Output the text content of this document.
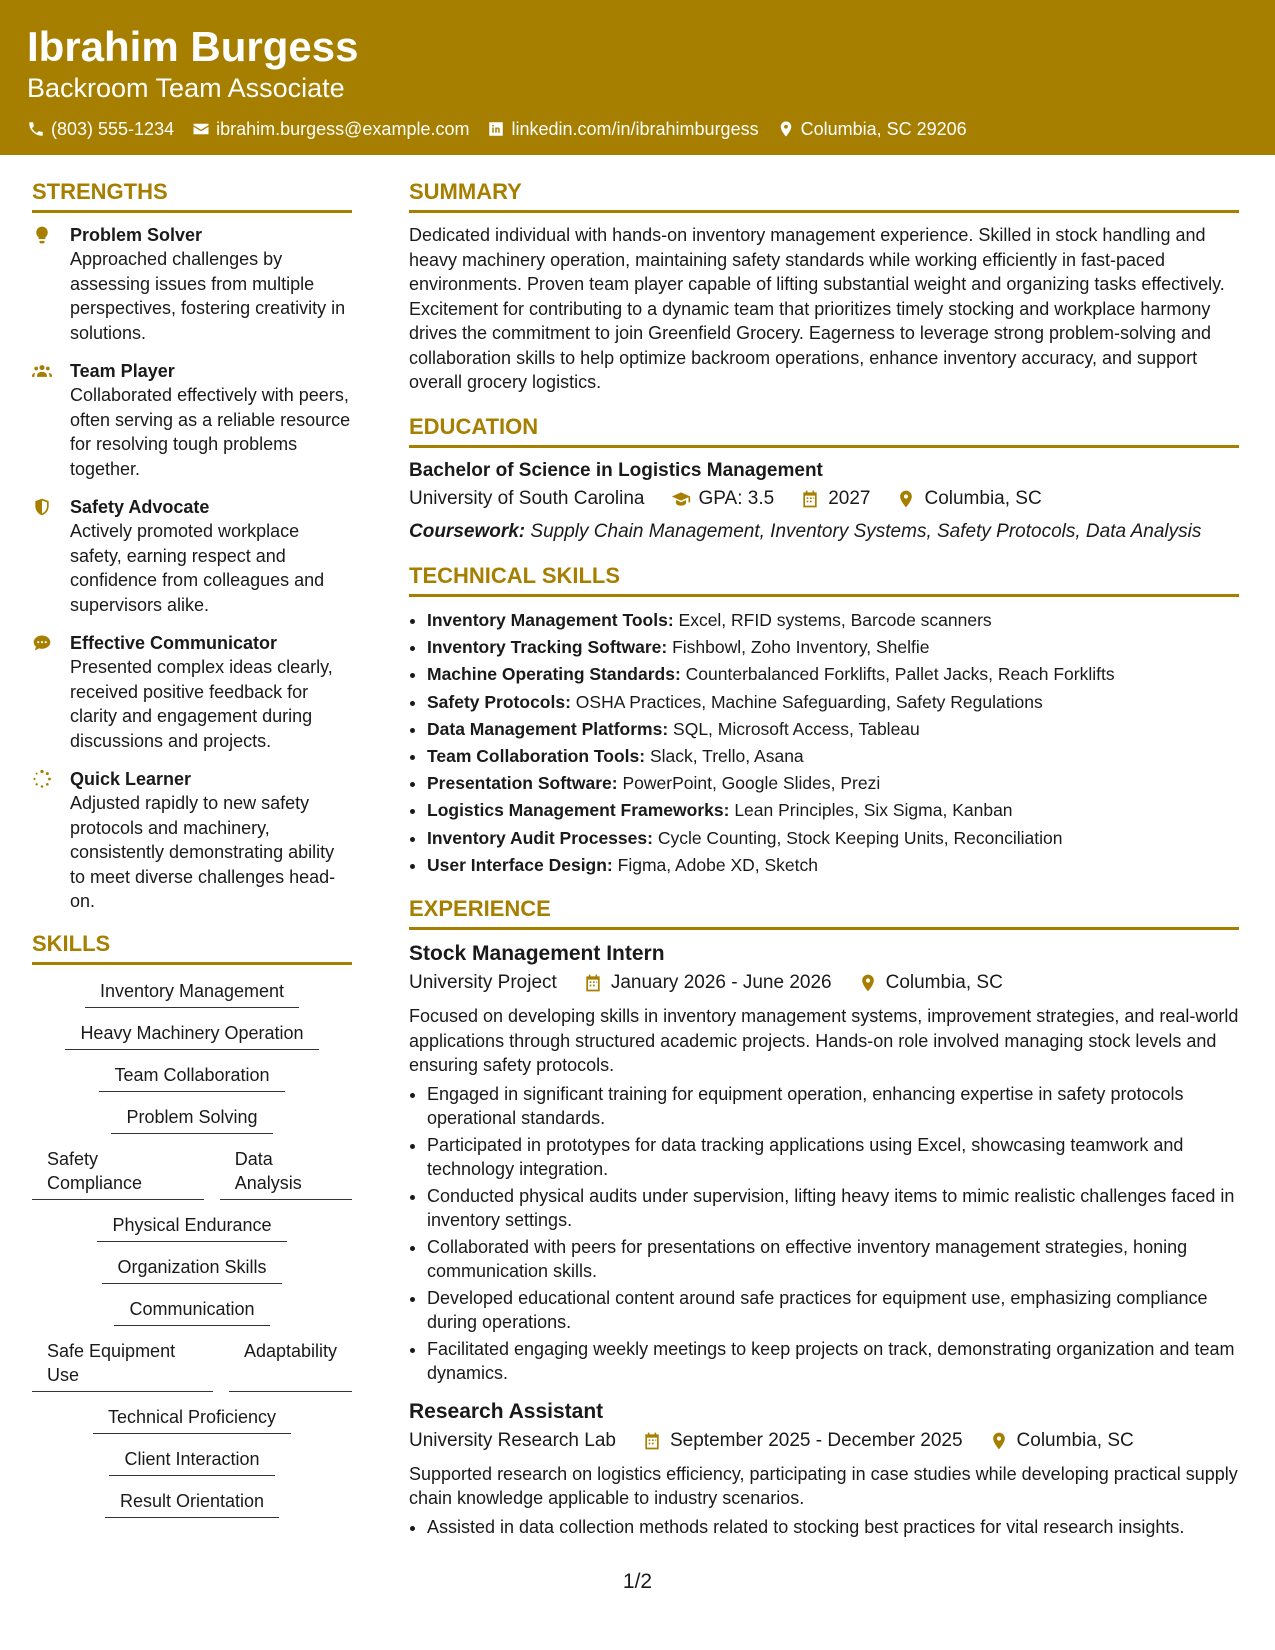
Ibrahim Burgess
Backroom Team Associate
(803) 555-1234 ibrahim.burgess@example.com linkedin.com/in/ibrahimburgess Columbia, SC 29206
STRENGTHS
Problem Solver
Approached challenges by assessing issues from multiple perspectives, fostering creativity in solutions.
Team Player
Collaborated effectively with peers, often serving as a reliable resource for resolving tough problems together.
Safety Advocate
Actively promoted workplace safety, earning respect and confidence from colleagues and supervisors alike.
Effective Communicator
Presented complex ideas clearly, received positive feedback for clarity and engagement during discussions and projects.
Quick Learner
Adjusted rapidly to new safety protocols and machinery, consistently demonstrating ability to meet diverse challenges head-on.
SKILLS
Inventory Management
Heavy Machinery Operation
Team Collaboration
Problem Solving
Safety Compliance
Data Analysis
Physical Endurance
Organization Skills
Communication
Safe Equipment Use
Adaptability
Technical Proficiency
Client Interaction
Result Orientation
SUMMARY

Dedicated individual with hands-on inventory management experience. Skilled in stock handling and heavy machinery operation, maintaining safety standards while working efficiently in fast-paced environments. Proven team player capable of lifting substantial weight and organizing tasks effectively. Excitement for contributing to a dynamic team that prioritizes timely stocking and workplace harmony drives the commitment to join Greenfield Grocery. Eagerness to leverage strong problem-solving and collaboration skills to help optimize backroom operations, enhance inventory accuracy, and support overall grocery logistics.

EDUCATION
Bachelor of Science in Logistics Management
University of South Carolina	GPA: 3.5	2027	Columbia, SC
Coursework: Supply Chain Management, Inventory Systems, Safety Protocols, Data Analysis
TECHNICAL SKILLS
• Inventory Management Tools: Excel, RFID systems, Barcode scanners
• Inventory Tracking Software: Fishbowl, Zoho Inventory, Shelfie
• Machine Operating Standards: Counterbalanced Forklifts, Pallet Jacks, Reach Forklifts
• Safety Protocols: OSHA Practices, Machine Safeguarding, Safety Regulations
• Data Management Platforms: SQL, Microsoft Access, Tableau
• Team Collaboration Tools: Slack, Trello, Asana
• Presentation Software: PowerPoint, Google Slides, Prezi
• Logistics Management Frameworks: Lean Principles, Six Sigma, Kanban
• Inventory Audit Processes: Cycle Counting, Stock Keeping Units, Reconciliation
• User Interface Design: Figma, Adobe XD, Sketch
EXPERIENCE
Stock Management Intern
University Project	January 2026 - June 2026	Columbia, SC

Focused on developing skills in inventory management systems, improvement strategies, and real-world applications through structured academic projects. Hands-on role involved managing stock levels and ensuring safety protocols.

• Engaged in significant training for equipment operation, enhancing expertise in safety protocols operational standards.
• Participated in prototypes for data tracking applications using Excel, showcasing teamwork and technology integration.
• Conducted physical audits under supervision, lifting heavy items to mimic realistic challenges faced in inventory settings.
• Collaborated with peers for presentations on effective inventory management strategies, honing communication skills.
• Developed educational content around safe practices for equipment use, emphasizing compliance during operations.
• Facilitated engaging weekly meetings to keep projects on track, demonstrating organization and team dynamics.
Research Assistant
University Research Lab	September 2025 - December 2025	Columbia, SC

Supported research on logistics efficiency, participating in case studies while developing practical supply chain knowledge applicable to industry scenarios.

• Assisted in data collection methods related to stocking best practices for vital research insights.
1/2
